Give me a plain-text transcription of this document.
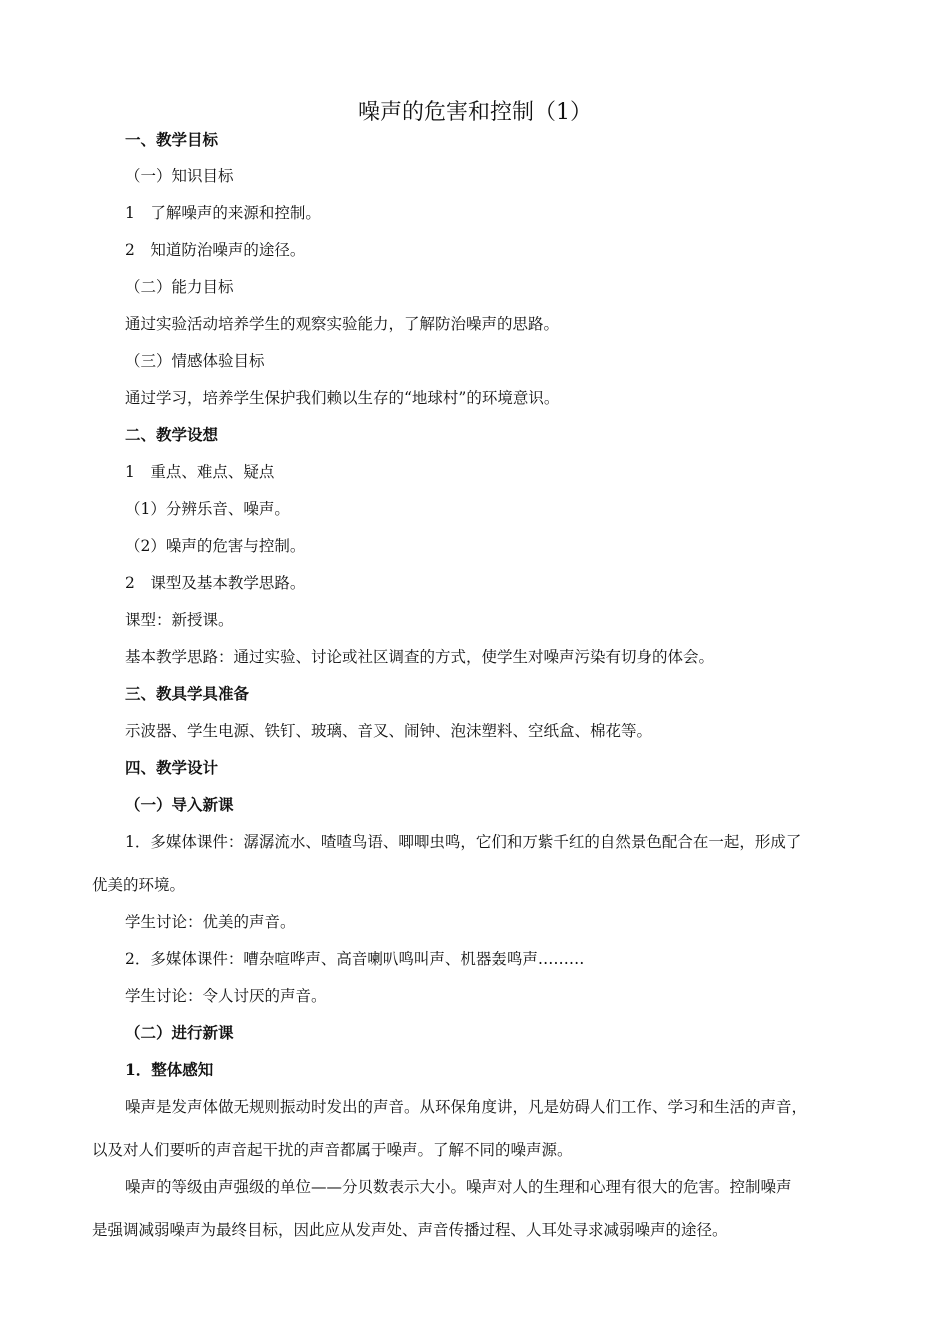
噪声的危害和控制（1）
一、教学目标
（一）知识目标
1　了解噪声的来源和控制。
2　知道防治噪声的途径。
（二）能力目标
通过实验活动培养学生的观察实验能力，了解防治噪声的思路。
（三）情感体验目标
通过学习，培养学生保护我们赖以生存的“地球村”的环境意识。
二、教学设想
1　重点、难点、疑点
（1）分辨乐音、噪声。
（2）噪声的危害与控制。
2　课型及基本教学思路。
课型：新授课。
基本教学思路：通过实验、讨论或社区调查的方式，使学生对噪声污染有切身的体会。
三、教具学具准备
示波器、学生电源、铁钉、玻璃、音叉、闹钟、泡沫塑料、空纸盒、棉花等。
四、教学设计
（一）导入新课
1．多媒体课件：潺潺流水、喳喳鸟语、唧唧虫鸣，它们和万紫千红的自然景色配合在一起，形成了
优美的环境。
学生讨论：优美的声音。
2．多媒体课件：嘈杂喧哗声、高音喇叭鸣叫声、机器轰鸣声………
学生讨论：令人讨厌的声音。
（二）进行新课
1．整体感知
噪声是发声体做无规则振动时发出的声音。从环保角度讲，凡是妨碍人们工作、学习和生活的声音，
以及对人们要听的声音起干扰的声音都属于噪声。了解不同的噪声源。
噪声的等级由声强级的单位——分贝数表示大小。噪声对人的生理和心理有很大的危害。控制噪声
是强调减弱噪声为最终目标，因此应从发声处、声音传播过程、人耳处寻求减弱噪声的途径。
